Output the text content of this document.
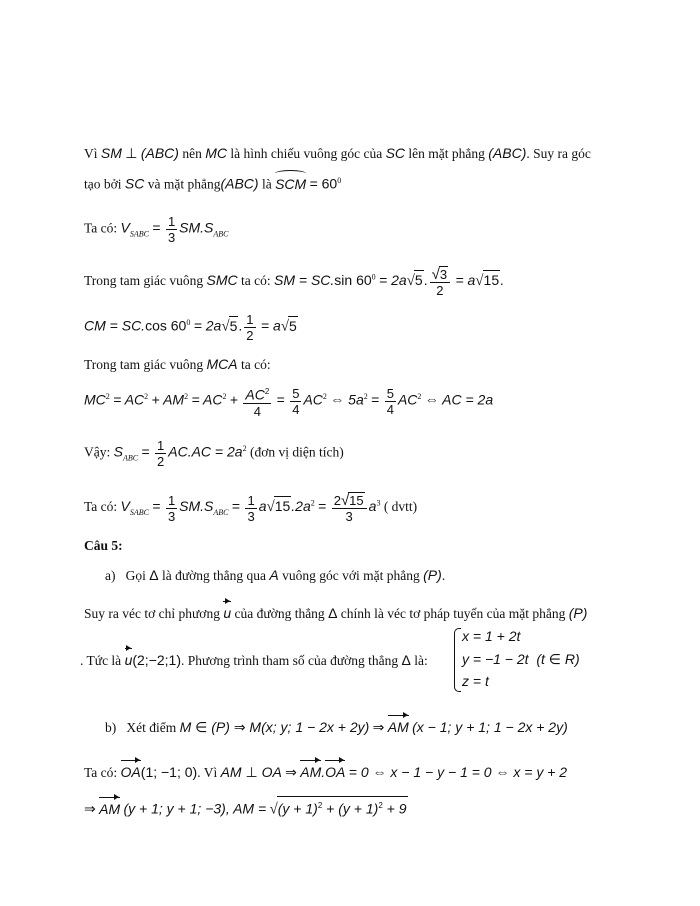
Vì SM ⊥ (ABC) nên MC là hình chiếu vuông góc của SC lên mặt phẳng (ABC). Suy ra góc
tạo bởi SC và mặt phẳng(ABC) là SCM = $60^0$
Ta có: $V_{SABC} = \frac{1}{3} SM.S_{ABC}$
Trong tam giác vuông SMC ta có: SM = SC.sin $60^0 = 2a√5$. $\frac{√3}{2} = a√15$.
CM = SC.cos $60^0 = 2a√5$. $\frac{1}{2} = a√5$
Trong tam giác vuông MCA ta có:
$MC^2 = AC^2 + AM^2 = AC^2 + \frac{AC^2}{4} = \frac{5}{4} AC^2$ ⇔ $5a^2 = \frac{5}{4} AC^2$ ⇔ AC = 2a
Vậy: $S_{ABC} = \frac{1}{2} AC.AC = 2a^2$ (đơn vị diện tích)
Ta có: $V_{SABC} = \frac{1}{3} SM.S_{ABC} = \frac{1}{3} a√15.2a^2 = \frac{2√15}{3} a^3$ ( dvtt)
Câu 5:
a) Gọi Δ là đường thẳng qua A vuông góc với mặt phẳng (P).
Suy ra véc tơ chỉ phương u của đường thẳng Δ chính là véc tơ pháp tuyến của mặt phẳng (P)
. Tức là u(2;−2;1). Phương trình tham số của đường thẳng Δ là:
x = 1 + 2t
y = −1 − 2t (t ∈ R)
z = t
b) Xét điểm M ∈ (P) ⇒ M(x; y; 1 − 2x + 2y) ⇒ AM (x − 1; y + 1; 1 − 2x + 2y)
Ta có: OA(1; −1; 0). Vì AM ⊥ OA ⇒ AM.OA = 0 ⇔ x − 1 − y − 1 = 0 ⇔ x = y + 2
⇒ AM (y + 1; y + 1; −3), AM = $√(y + 1)^2 + (y + 1)^2 + 9$
